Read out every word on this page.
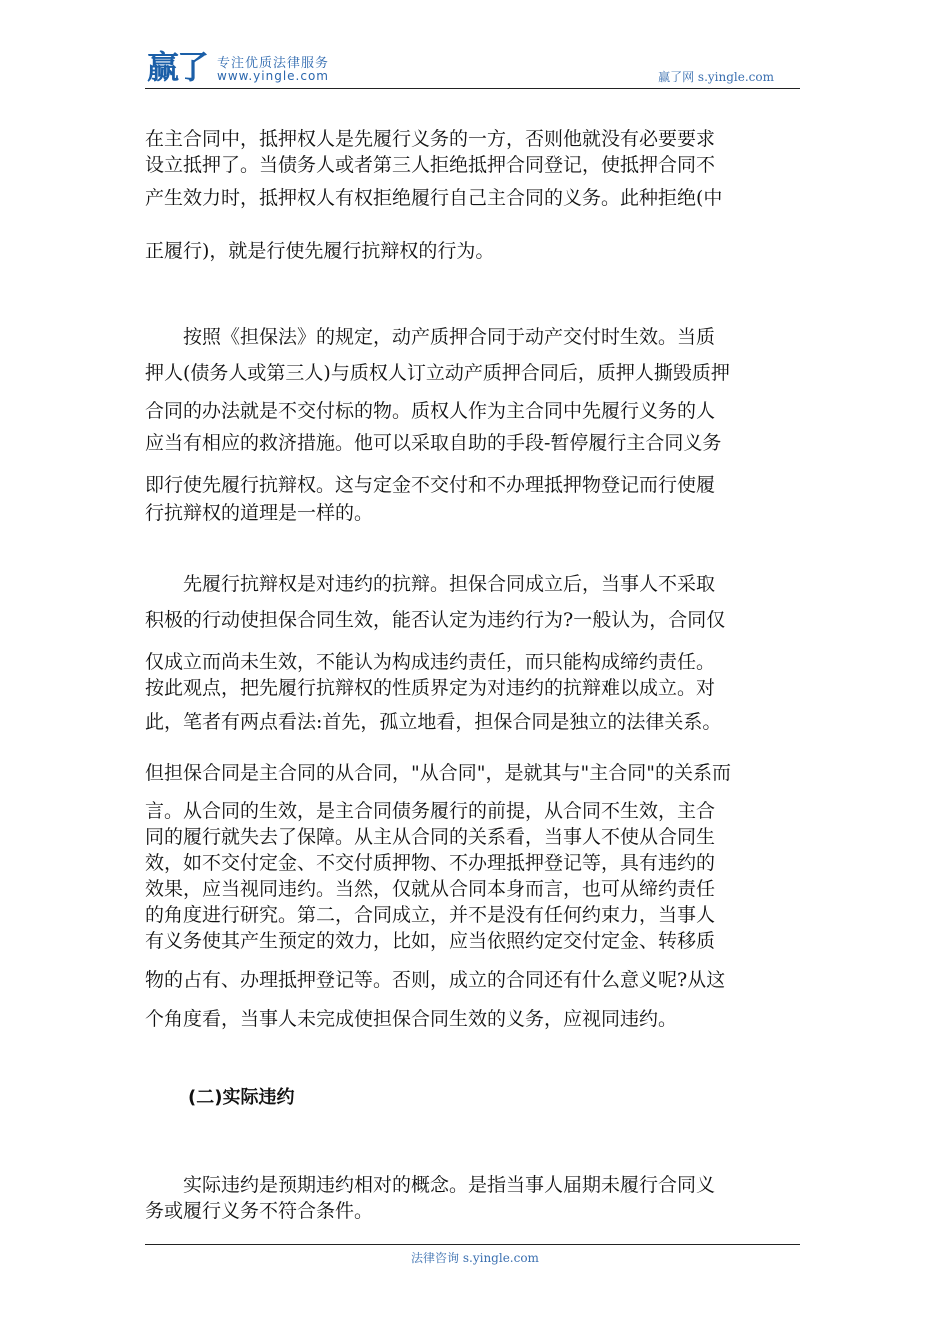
赢了 专注优质法律服务
www.yingle.com	赢了网 s.yingle.com
在主合同中，抵押权人是先履行义务的一方，否则他就没有必要要求
设立抵押了。当债务人或者第三人拒绝抵押合同登记，使抵押合同不
产生效力时，抵押权人有权拒绝履行自己主合同的义务。此种拒绝(中
正履行)，就是行使先履行抗辩权的行为。
　　按照《担保法》的规定，动产质押合同于动产交付时生效。当质
押人(债务人或第三人)与质权人订立动产质押合同后，质押人撕毁质押
合同的办法就是不交付标的物。质权人作为主合同中先履行义务的人
应当有相应的救济措施。他可以采取自助的手段-暂停履行主合同义务
即行使先履行抗辩权。这与定金不交付和不办理抵押物登记而行使履
行抗辩权的道理是一样的。
　　先履行抗辩权是对违约的抗辩。担保合同成立后，当事人不采取
积极的行动使担保合同生效，能否认定为违约行为?一般认为，合同仅
仅成立而尚未生效，不能认为构成违约责任，而只能构成缔约责任。
按此观点，把先履行抗辩权的性质界定为对违约的抗辩难以成立。对
此，笔者有两点看法:首先，孤立地看，担保合同是独立的法律关系。
但担保合同是主合同的从合同，"从合同"，是就其与"主合同"的关系而
言。从合同的生效，是主合同债务履行的前提，从合同不生效，主合
同的履行就失去了保障。从主从合同的关系看，当事人不使从合同生
效，如不交付定金、不交付质押物、不办理抵押登记等，具有违约的
效果，应当视同违约。当然，仅就从合同本身而言，也可从缔约责任
的角度进行研究。第二，合同成立，并不是没有任何约束力，当事人
有义务使其产生预定的效力，比如，应当依照约定交付定金、转移质
物的占有、办理抵押登记等。否则，成立的合同还有什么意义呢?从这
个角度看，当事人未完成使担保合同生效的义务，应视同违约。
(二)实际违约
　　实际违约是预期违约相对的概念。是指当事人届期未履行合同义
务或履行义务不符合条件。
法律咨询 s.yingle.com
